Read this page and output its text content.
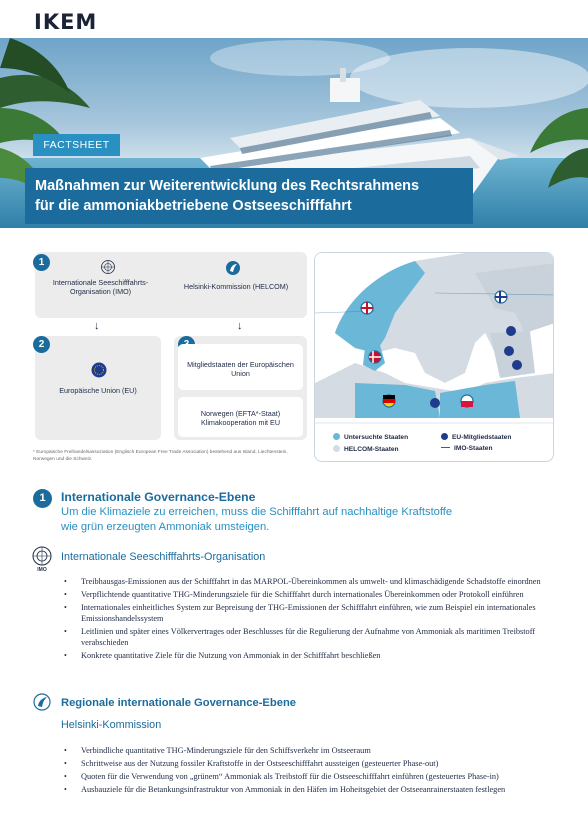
IKEM
FACTSHEET
Maßnahmen zur Weiterentwicklung des Rechtsrahmens
für die ammoniakbetriebene Ostseeschifffahrt
1
Internationale Seeschifffahrts-Organisation (IMO)
Helsinki-Kommission (HELCOM)
↓	↓
2
Europäische Union (EU)
Mitgliedstaaten der Europäischen Union
Norwegen (EFTA*-Staat) Klimakooperation mit EU
* Europäische Freihandelsassoziation (Englisch European Free Trade Association) bestehend aus Island, Liechtenstein, Norwegen und die Schweiz.
Untersuchte Staaten	EU-Mitgliedstaaten
HELCOM-Staaten	IMO-Staaten
1	Internationale Governance-Ebene
Um die Klimaziele zu erreichen, muss die Schifffahrt auf nachhaltige Kraftstoffe wie grün erzeugten Ammoniak umsteigen.
IMO
Internationale Seeschifffahrts-Organisation
• Treibhausgas-Emissionen aus der Schifffahrt in das MARPOL-Übereinkommen als umwelt- und klimaschädigende Schadstoffe einordnen
• Verpflichtende quantitative THG-Minderungsziele für die Schifffahrt durch internationales Übereinkommen oder Protokoll einführen
• Internationales einheitliches System zur Bepreisung der THG-Emissionen der Schifffahrt einführen, wie zum Beispiel ein internationales Emissionshandelssystem
• Leitlinien und später eines Völkervertrages oder Beschlusses für die Regulierung der Aufnahme von Ammoniak als maritimen Treibstoff verabschieden
• Konkrete quantitative Ziele für die Nutzung von Ammoniak in der Schifffahrt beschließen
Regionale internationale Governance-Ebene
Helsinki-Kommission
• Verbindliche quantitative THG-Minderungsziele für den Schiffsverkehr im Ostseeraum
• Schrittweise aus der Nutzung fossiler Kraftstoffe in der Ostseeschifffahrt aussteigen (gesteuerter Phase-out)
• Quoten für die Verwendung von „grünem“ Ammoniak als Treibstoff für die Ostseeschifffahrt einführen (gesteuertes Phase-in)
• Ausbauziele für die Betankungsinfrastruktur von Ammoniak in den Häfen im Hoheitsgebiet der Ostseeanrainerstaaten festlegen
